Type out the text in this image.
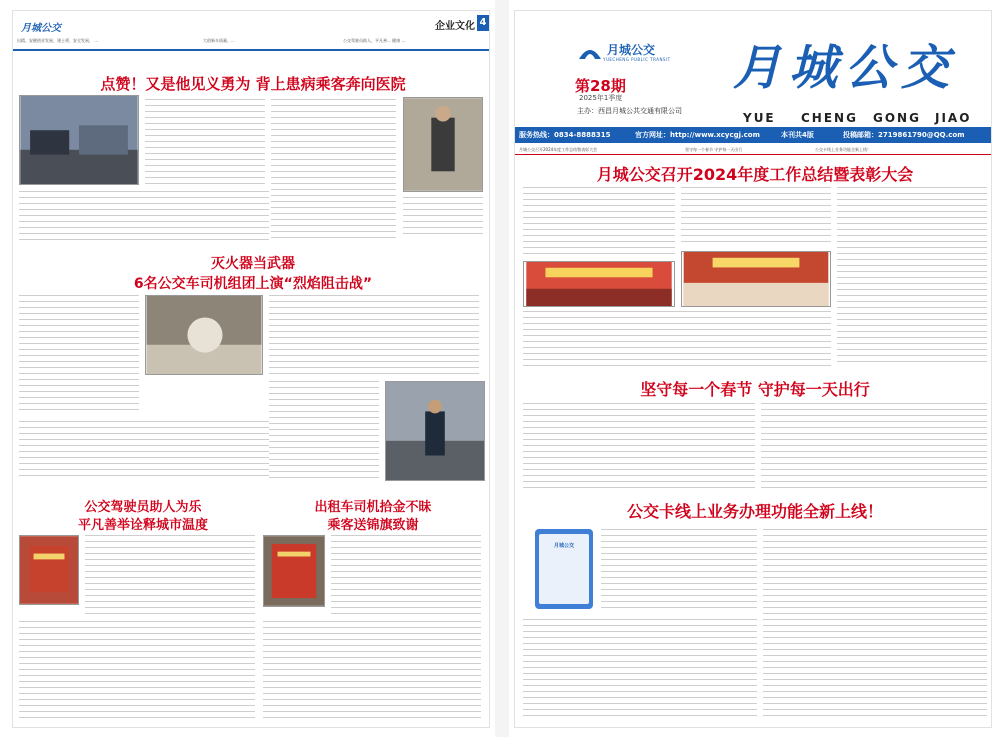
月城公交	企业文化 4
出精、安健创业发展、建士勇、安全发展、 ...	大创新车质量、...	公交驾驶员助人、平凡善... 健康 ...
点赞！又是他见义勇为 背上患病乘客奔向医院
灭火器当武器
6名公交车司机组团上演“烈焰阻击战”
公交驾驶员助人为乐
平凡善举诠释城市温度
出租车司机拾金不昧
乘客送锦旗致谢
月城公交
YUECHENG PUBLIC TRANSIT
第28期
2025年1季度
主办：西昌月城公共交通有限公司
月城公交
YUE CHENG GONG JIAO
服务热线：0834-8888315	官方网址：http://www.xcycgj.com	本刊共4版	投稿邮箱：2719861790@QQ.com
月城公交召开2024年度工作总结暨表彰大会	坚守每一个春节 守护每一天出行	公交卡线上业务功能全新上线！
月城公交召开2024年度工作总结暨表彰大会
坚守每一个春节 守护每一天出行
公交卡线上业务办理功能全新上线！
月城公交
